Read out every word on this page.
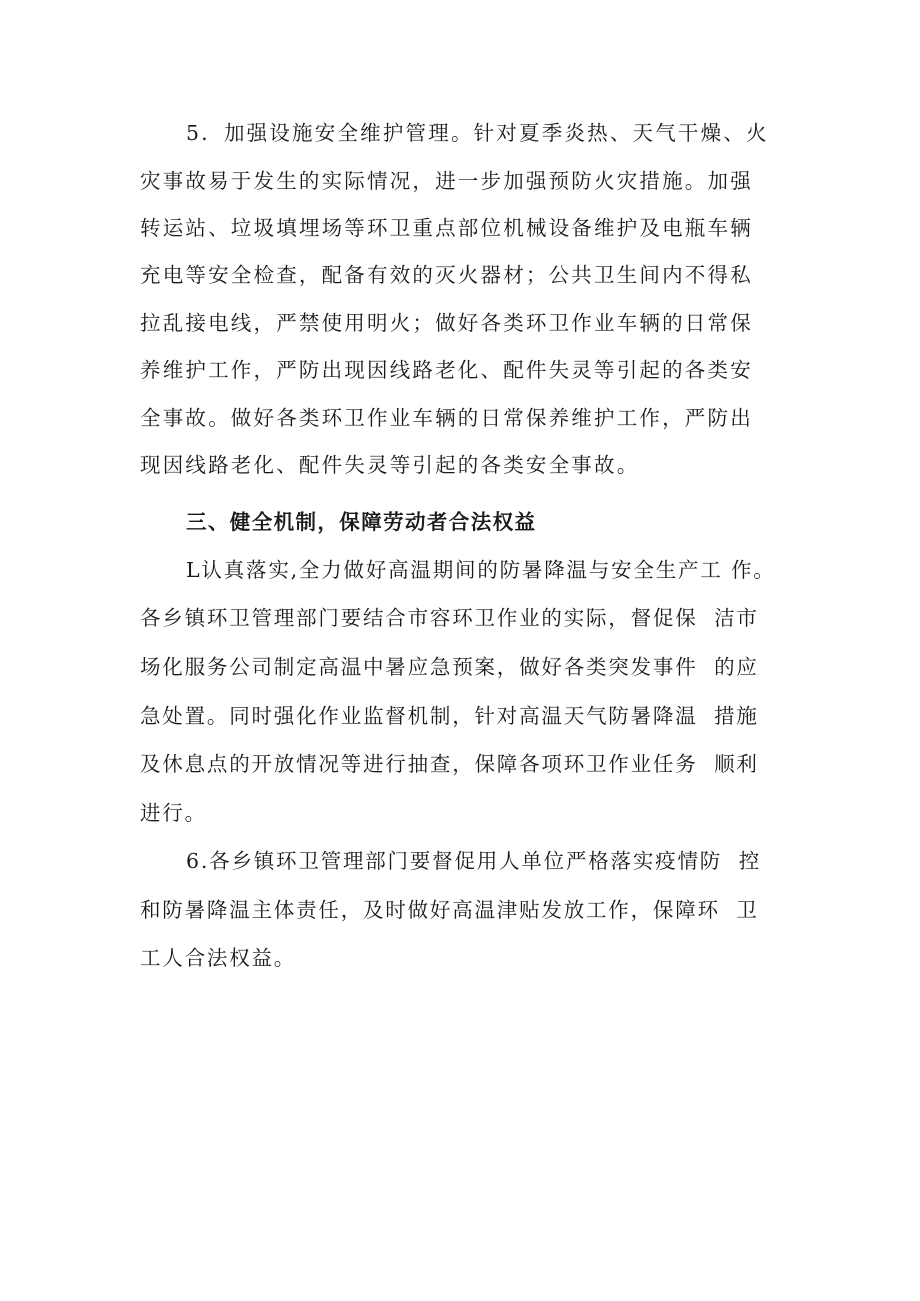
5．加强设施安全维护管理。针对夏季炎热、天气干燥、火
灾事故易于发生的实际情况，进一步加强预防火灾措施。加强
转运站、垃圾填埋场等环卫重点部位机械设备维护及电瓶车辆
充电等安全检查，配备有效的灭火器材；公共卫生间内不得私
拉乱接电线，严禁使用明火；做好各类环卫作业车辆的日常保
养维护工作，严防出现因线路老化、配件失灵等引起的各类安
全事故。做好各类环卫作业车辆的日常保养维护工作，严防出
现因线路老化、配件失灵等引起的各类安全事故。
三、健全机制，保障劳动者合法权益
L认真落实,全力做好高温期间的防暑降温与安全生产工 作。
各乡镇环卫管理部门要结合市容环卫作业的实际，督促保  洁市
场化服务公司制定高温中暑应急预案，做好各类突发事件  的应
急处置。同时强化作业监督机制，针对高温天气防暑降温  措施
及休息点的开放情况等进行抽查，保障各项环卫作业任务  顺利
进行。
6.各乡镇环卫管理部门要督促用人单位严格落实疫情防  控
和防暑降温主体责任，及时做好高温津贴发放工作，保障环  卫
工人合法权益。
